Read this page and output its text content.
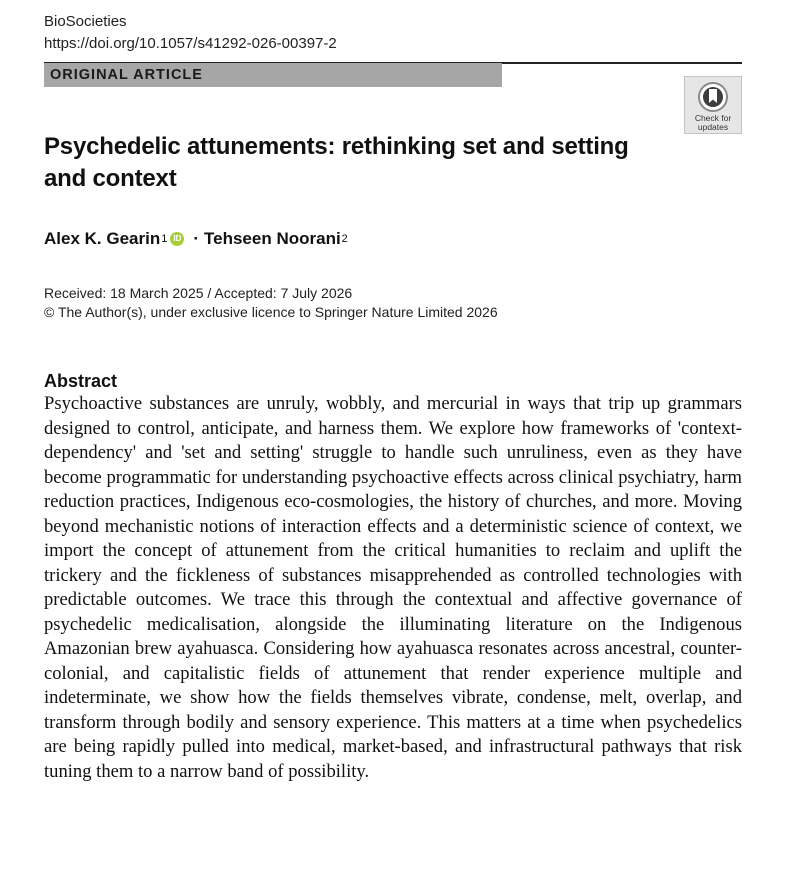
BioSocieties
https://doi.org/10.1057/s41292-026-00397-2
ORIGINAL ARTICLE
Check for updates
Psychedelic attunements: rethinking set and setting and context
Alex K. Gearin 1 ID · Tehseen Noorani 2
Received: 18 March 2025 / Accepted: 7 July 2026
© The Author(s), under exclusive licence to Springer Nature Limited 2026
Abstract

Psychoactive substances are unruly, wobbly, and mercurial in ways that trip up grammars designed to control, anticipate, and harness them. We explore how frameworks of 'context-dependency' and 'set and setting' struggle to handle such unruliness, even as they have become programmatic for understanding psychoactive effects across clinical psychiatry, harm reduction practices, Indigenous eco-cosmologies, the history of churches, and more. Moving beyond mechanistic notions of interaction effects and a deterministic science of context, we import the concept of attunement from the critical humanities to reclaim and uplift the trickery and the fickleness of substances misapprehended as controlled technologies with predictable outcomes. We trace this through the contextual and affective governance of psychedelic medicalisation, alongside the illuminating literature on the Indigenous Amazonian brew ayahuasca. Considering how ayahuasca resonates across ancestral, counter-colonial, and capitalistic fields of attunement that render experience multiple and indeterminate, we show how the fields themselves vibrate, condense, melt, overlap, and transform through bodily and sensory experience. This matters at a time when psychedelics are being rapidly pulled into medical, market-based, and infrastructural pathways that risk tuning them to a narrow band of possibility.
